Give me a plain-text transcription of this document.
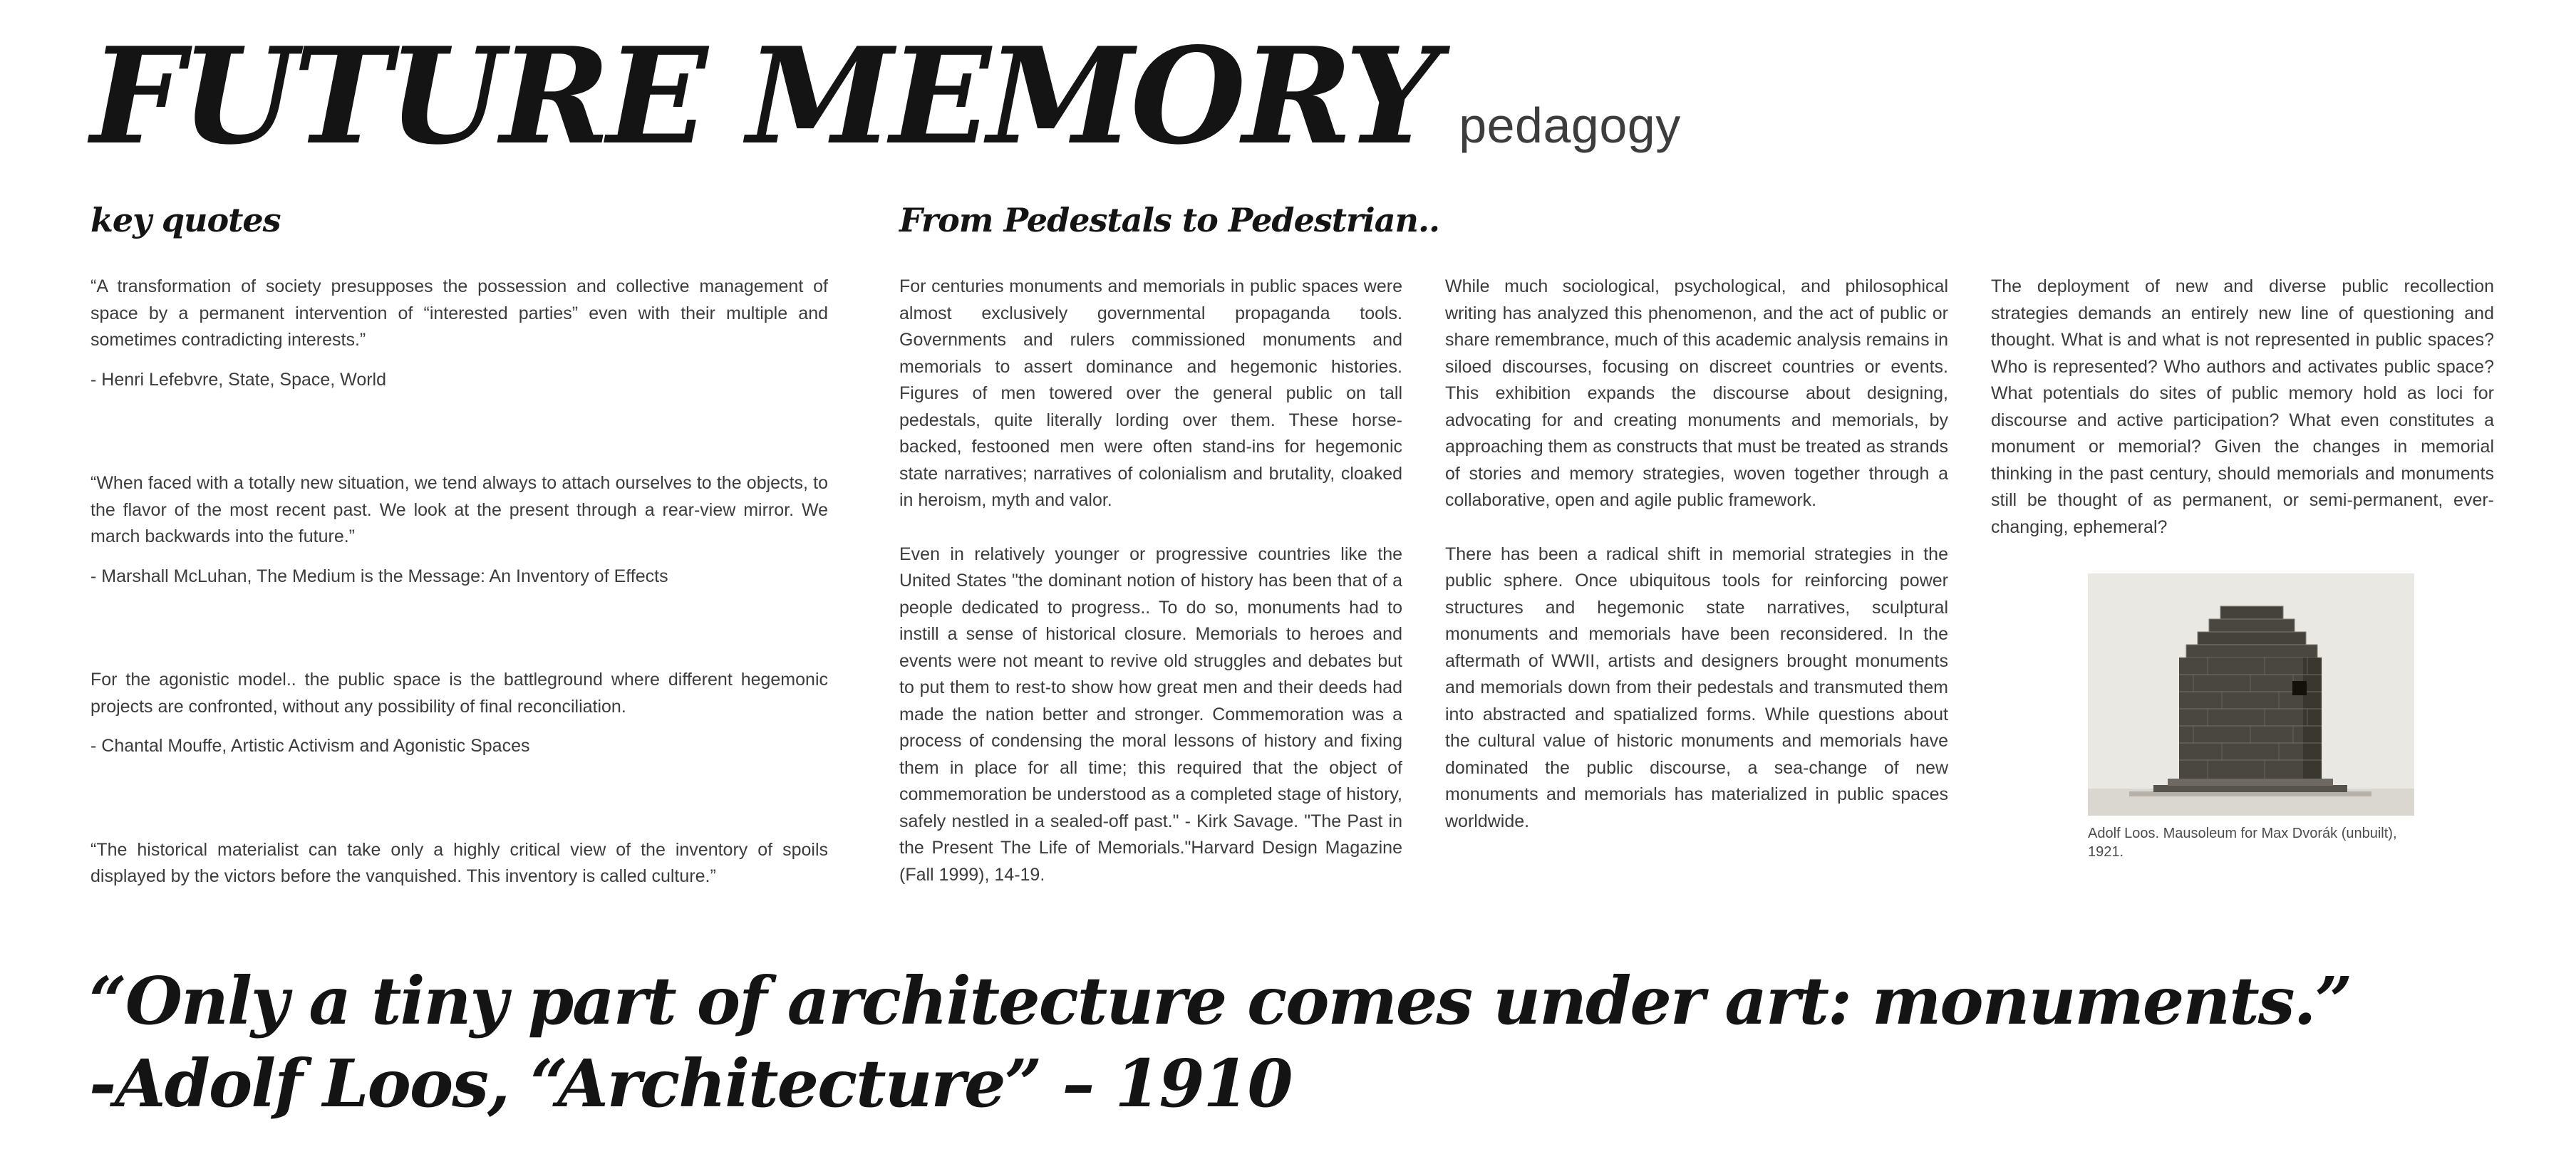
FUTURE MEMORY pedagogy
key quotes

“A transformation of society presupposes the possession and collective management of space by a permanent intervention of “interested parties” even with their multiple and sometimes contradicting interests.”

- Henri Lefebvre, State, Space, World

“When faced with a totally new situation, we tend always to attach ourselves to the objects, to the flavor of the most recent past. We look at the present through a rear-view mirror. We march backwards into the future.”

- Marshall McLuhan, The Medium is the Message: An Inventory of Effects

For the agonistic model.. the public space is the battleground where different hegemonic projects are confronted, without any possibility of final reconciliation.

- Chantal Mouffe, Artistic Activism and Agonistic Spaces

“The historical materialist can take only a highly critical view of the inventory of spoils displayed by the victors before the vanquished. This inventory is called culture.”

From Pedestals to Pedestrian..

For centuries monuments and memorials in public spaces were almost exclusively governmental propaganda tools. Governments and rulers commissioned monuments and memorials to assert dominance and hegemonic histories. Figures of men towered over the general public on tall pedestals, quite literally lording over them. These horse-backed, festooned men were often stand-ins for hegemonic state narratives; narratives of colonialism and brutality, cloaked in heroism, myth and valor.

Even in relatively younger or progressive countries like the United States "the dominant notion of history has been that of a people dedicated to progress.. To do so, monuments had to instill a sense of historical closure. Memorials to heroes and events were not meant to revive old struggles and debates but to put them to rest-to show how great men and their deeds had made the nation better and stronger. Commemoration was a process of condensing the moral lessons of history and fixing them in place for all time; this required that the object of commemoration be understood as a completed stage of history, safely nestled in a sealed-off past." - Kirk Savage. "The Past in the Present The Life of Memorials."Harvard Design Magazine (Fall 1999), 14-19.

While much sociological, psychological, and philosophical writing has analyzed this phenomenon, and the act of public or share remembrance, much of this academic analysis remains in siloed discourses, focusing on discreet countries or events. This exhibition expands the discourse about designing, advocating for and creating monuments and memorials, by approaching them as constructs that must be treated as strands of stories and memory strategies, woven together through a collaborative, open and agile public framework.

There has been a radical shift in memorial strategies in the public sphere. Once ubiquitous tools for reinforcing power structures and hegemonic state narratives, sculptural monuments and memorials have been reconsidered. In the aftermath of WWII, artists and designers brought monuments and memorials down from their pedestals and transmuted them into abstracted and spatialized forms. While questions about the cultural value of historic monuments and memorials have dominated the public discourse, a sea-change of new monuments and memorials has materialized in public spaces worldwide.

The deployment of new and diverse public recollection strategies demands an entirely new line of questioning and thought. What is and what is not represented in public spaces? Who is represented? Who authors and activates public space? What potentials do sites of public memory hold as loci for discourse and active participation? What even constitutes a monument or memorial? Given the changes in memorial thinking in the past century, should memorials and monuments still be thought of as permanent, or semi-permanent, ever-changing, ephemeral?

Adolf Loos. Mausoleum for Max Dvorák (unbuilt), 1921.
“Only a tiny part of architecture comes under art: monuments.”
-Adolf Loos, “Architecture” – 1910
